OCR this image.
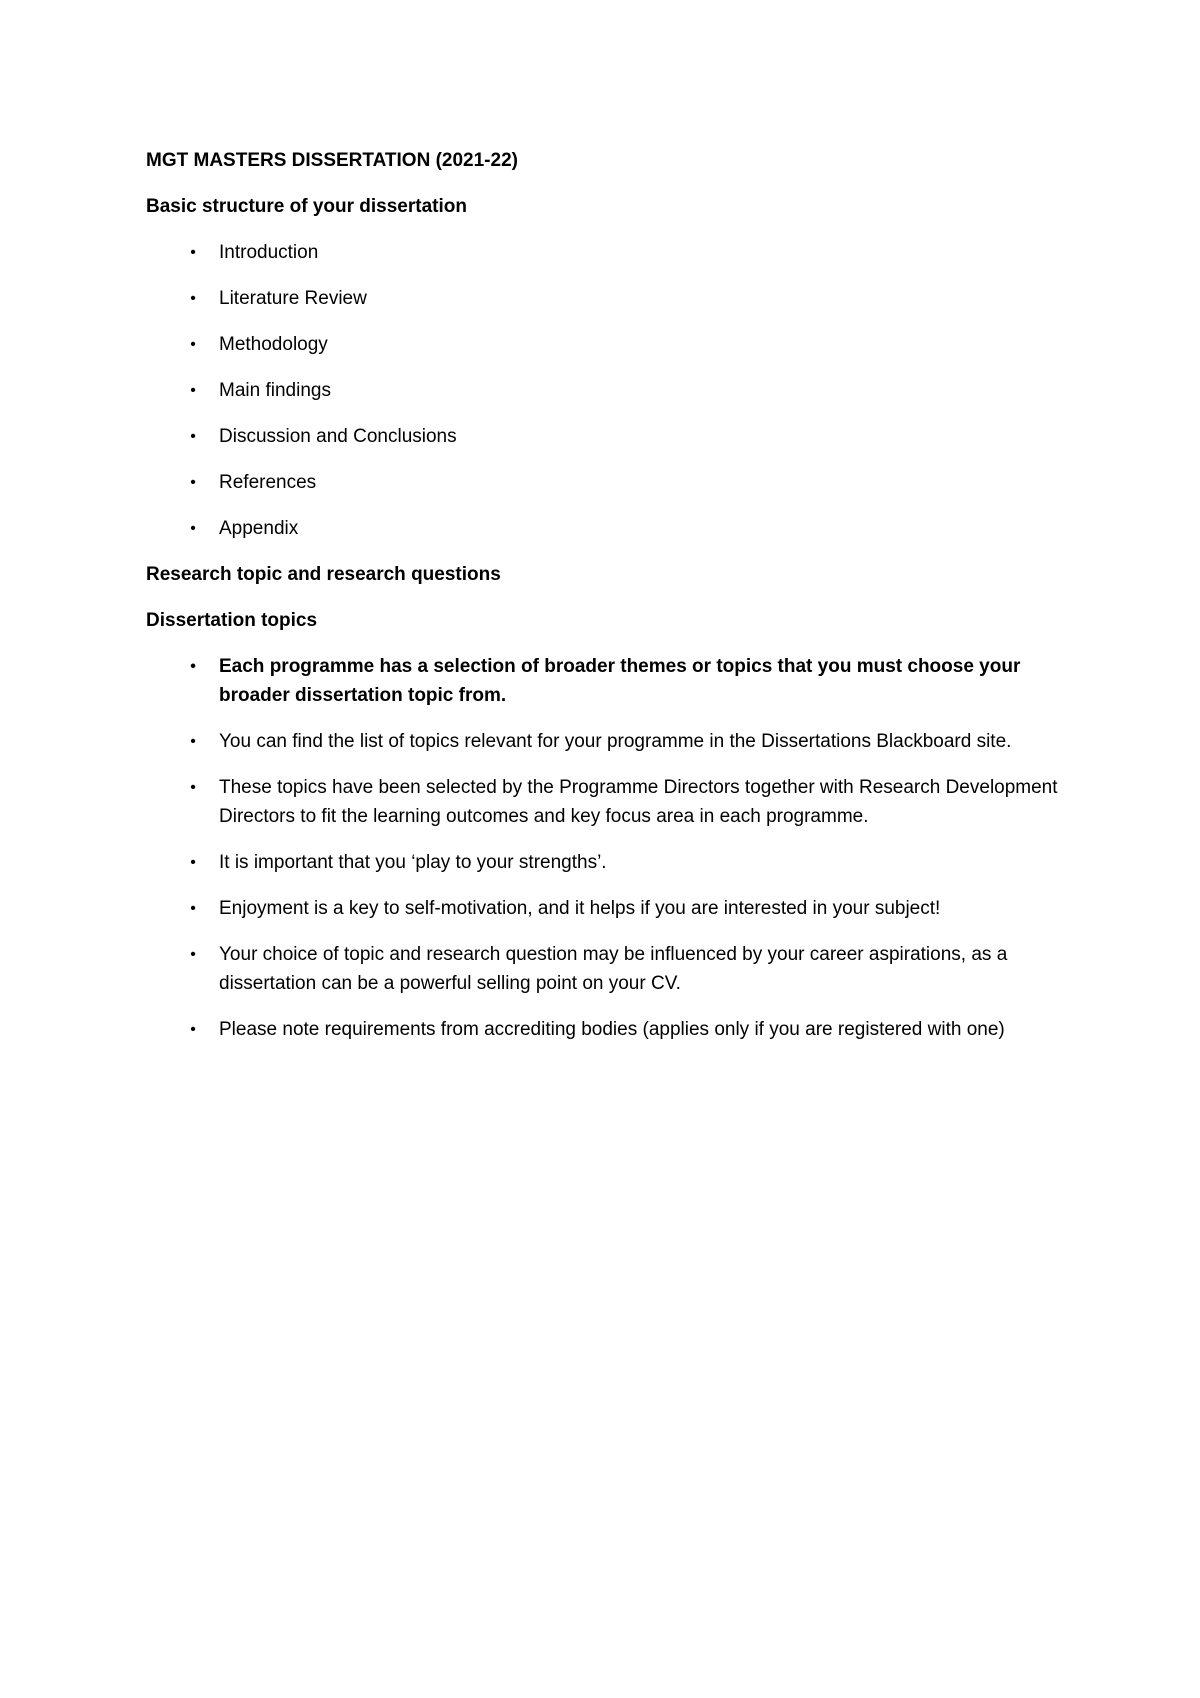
MGT MASTERS DISSERTATION (2021-22)

Basic structure of your dissertation

•	Introduction
•	Literature Review
•	Methodology
•	Main findings
•	Discussion and Conclusions
•	References
•	Appendix

Research topic and research questions

Dissertation topics

•	Each programme has a selection of broader themes or topics that you must choose your broader dissertation topic from.
•	You can find the list of topics relevant for your programme in the Dissertations Blackboard site.
•	These topics have been selected by the Programme Directors together with Research Development Directors to fit the learning outcomes and key focus area in each programme.
•	It is important that you ‘play to your strengths’.
•	Enjoyment is a key to self-motivation, and it helps if you are interested in your subject!
•	Your choice of topic and research question may be influenced by your career aspirations, as a dissertation can be a powerful selling point on your CV.
•	Please note requirements from accrediting bodies (applies only if you are registered with one)
